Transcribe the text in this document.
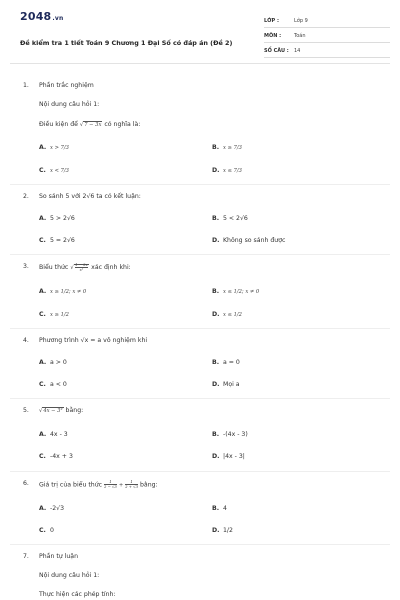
2048.vn
Đề kiểm tra 1 tiết Toán 9 Chương 1 Đại Số có đáp án (Đề 2)
LỚP :	Lớp 9
MÔN :	Toán
SỐ CÂU : 14
1.	Phần trắc nghiệm
Nội dung câu hỏi 1:
Điều kiện để √7 − 3x có nghĩa là:
A. x > 7/3	B. x ≥ 7/3
C. x < 7/3	D. x ≤ 7/3
2.	So sánh 5 với 2√6 ta có kết luận:
A. 5 > 2√6	B. 5 < 2√6
C. 5 = 2√6	D. Không so sánh được
3.	Biểu thức √ $\frac{1 - 2x}{\text{x²}}$ xác định khi:
A. x ≥ 1/2; x ≠ 0	B. x ≤ 1/2; x ≠ 0
C. x ≥ 1/2	D. x ≤ 1/2
4.	Phương trình √x = a vô nghiệm khi
A. a > 0	B. a = 0
C. a < 0	D. Mọi a
5.	√4x − 3² bằng:
A. 4x - 3	B. -(4x - 3)
C. -4x + 3	D. |4x - 3|
6.	Giá trị của biểu thức $\frac{1}{2 - √3} + \frac{1}{2 + √3}$ bằng:
A. -2√3	B. 4
C. 0	D. 1/2
7.	Phần tự luận
Nội dung câu hỏi 1:
Thực hiện các phép tính:
